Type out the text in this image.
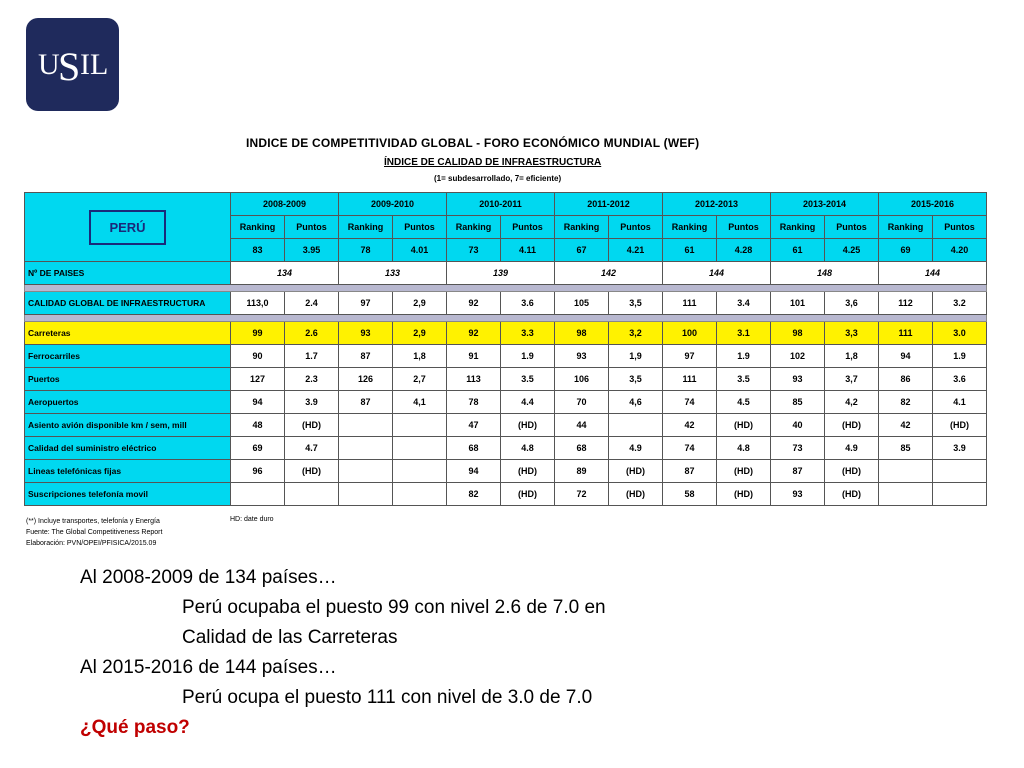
U
S I L
INDICE DE COMPETITIVIDAD GLOBAL - FORO ECONÓMICO MUNDIAL (WEF)
ÍNDICE DE CALIDAD DE INFRAESTRUCTURA
(1= subdesarrollado, 7= eficiente)
PERÚ	2008-2009		2009-2010		2010-2011		2011-2012		2012-2013		2013-2014		2015-2016	
	Ranking	Puntos	Ranking	Puntos	Ranking	Puntos	Ranking	Puntos	Ranking	Puntos	Ranking	Puntos	Ranking	Puntos
	83	3.95	78	4.01	73	4.11	67	4.21	61	4.28	61	4.25	69	4.20
Nº DE PAISES	134		133		139		142		144		148		144	

CALIDAD GLOBAL DE INFRAESTRUCTURA	113,0	2.4	97	2,9	92	3.6	105	3,5	111	3.4	101	3,6	112	3.2

Carreteras	99	2.6	93	2,9	92	3.3	98	3,2	100	3.1	98	3,3	111	3.0
Ferrocarriles	90	1.7	87	1,8	91	1.9	93	1,9	97	1.9	102	1,8	94	1.9
Puertos	127	2.3	126	2,7	113	3.5	106	3,5	111	3.5	93	3,7	86	3.6
Aeropuertos	94	3.9	87	4,1	78	4.4	70	4,6	74	4.5	85	4,2	82	4.1
Asiento avión disponible km / sem, mill	48	(HD)			47	(HD)	44		42	(HD)	40	(HD)	42	(HD)
Calidad del suministro eléctrico	69	4.7			68	4.8	68	4.9	74	4.8	73	4.9	85	3.9
Lineas telefónicas fijas	96	(HD)			94	(HD)	89	(HD)	87	(HD)	87	(HD)		
Suscripciones telefonía movil					82	(HD)	72	(HD)	58	(HD)	93	(HD)		
(**) Incluye transportes, telefonía y Energía
Fuente: The Global Competitiveness Report
Elaboración: PVN/OPEI/PFISICA/2015.09
HD: date duro
Al 2008-2009 de 134 países…
Perú ocupaba el puesto 99 con nivel 2.6 de 7.0 en
Calidad de las Carreteras
Al 2015-2016 de 144 países…
Perú ocupa el puesto 111 con nivel de 3.0 de 7.0
¿Qué paso?
